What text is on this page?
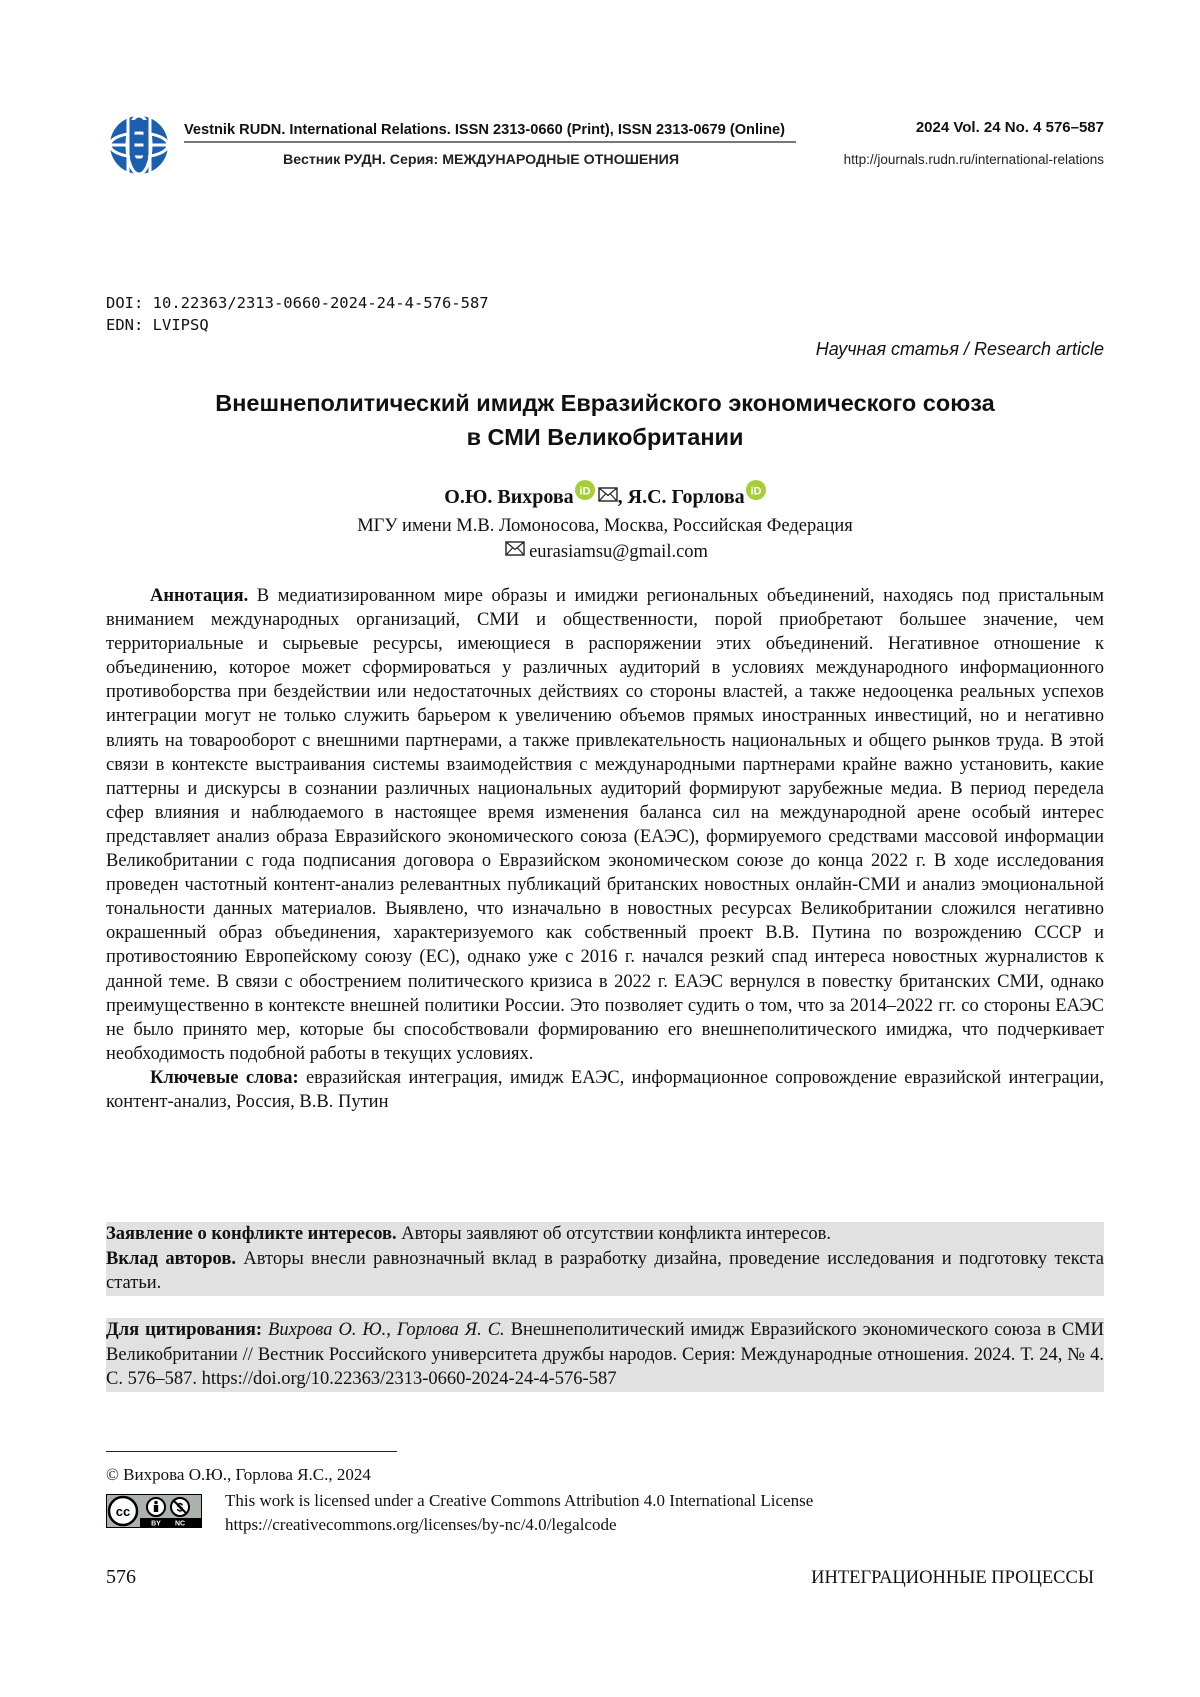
Vestnik RUDN. International Relations. ISSN 2313-0660 (Print), ISSN 2313-0679 (Online)
Вестник РУДН. Серия: МЕЖДУНАРОДНЫЕ ОТНОШЕНИЯ
2024 Vol. 24 No. 4 576–587
http://journals.rudn.ru/international-relations
DOI: 10.22363/2313-0660-2024-24-4-576-587
EDN: LVIPSQ
Научная статья / Research article
Внешнеполитический имидж Евразийского экономического союза
в СМИ Великобритании
О.Ю. Вихрова iD , Я.С. Горлова iD
МГУ имени М.В. Ломоносова, Москва, Российская Федерация
eurasiamsu@gmail.com

Аннотация. В медиатизированном мире образы и имиджи региональных объединений, находясь под пристальным вниманием международных организаций, СМИ и общественности, порой приобретают большее значение, чем территориальные и сырьевые ресурсы, имеющиеся в распоряжении этих объединений. Негативное отношение к объединению, которое может сформироваться у различных аудиторий в условиях международного информационного противоборства при бездействии или недостаточных действиях со стороны властей, а также недооценка реальных успехов интеграции могут не только служить барьером к увеличению объемов прямых иностранных инвестиций, но и негативно влиять на товарооборот с внешними партнерами, а также привлекательность национальных и общего рынков труда. В этой связи в контексте выстраивания системы взаимодействия с международными партнерами крайне важно установить, какие паттерны и дискурсы в сознании различных национальных аудиторий формируют зарубежные медиа. В период передела сфер влияния и наблюдаемого в настоящее время изменения баланса сил на международной арене особый интерес представляет анализ образа Евразийского экономического союза (ЕАЭС), формируемого средствами массовой информации Великобритании с года подписания договора о Евразийском экономическом союзе до конца 2022 г. В ходе исследования проведен частотный контент-анализ релевантных публикаций британских новостных онлайн-СМИ и анализ эмоциональной тональности данных материалов. Выявлено, что изначально в новостных ресурсах Великобритании сложился негативно окрашенный образ объединения, характеризуемого как собственный проект В.В. Путина по возрождению СССР и противостоянию Европейскому союзу (ЕС), однако уже с 2016 г. начался резкий спад интереса новостных журналистов к данной теме. В связи с обострением политического кризиса в 2022 г. ЕАЭС вернулся в повестку британских СМИ, однако преимущественно в контексте внешней политики России. Это позволяет судить о том, что за 2014–2022 гг. со стороны ЕАЭС не было принято мер, которые бы способствовали формированию его внешнеполитического имиджа, что подчеркивает необходимость подобной работы в текущих условиях.

Ключевые слова: евразийская интеграция, имидж ЕАЭС, информационное сопровождение евразийской интеграции, контент-анализ, Россия, В.В. Путин

Заявление о конфликте интересов. Авторы заявляют об отсутствии конфликта интересов.

Вклад авторов. Авторы внесли равнозначный вклад в разработку дизайна, проведение исследования и подготовку текста статьи.

Для цитирования: Вихрова О. Ю., Горлова Я. С. Внешнеполитический имидж Евразийского экономического союза в СМИ Великобритании // Вестник Российского университета дружбы народов. Серия: Международные отношения. 2024. Т. 24, № 4. С. 576–587. https://doi.org/10.22363/2313-0660-2024-24-4-576-587

© Вихрова О.Ю., Горлова Я.С., 2024
cc
BY NC
This work is licensed under a Creative Commons Attribution 4.0 International License
https://creativecommons.org/licenses/by-nc/4.0/legalcode
576	ИНТЕГРАЦИОННЫЕ ПРОЦЕССЫ
